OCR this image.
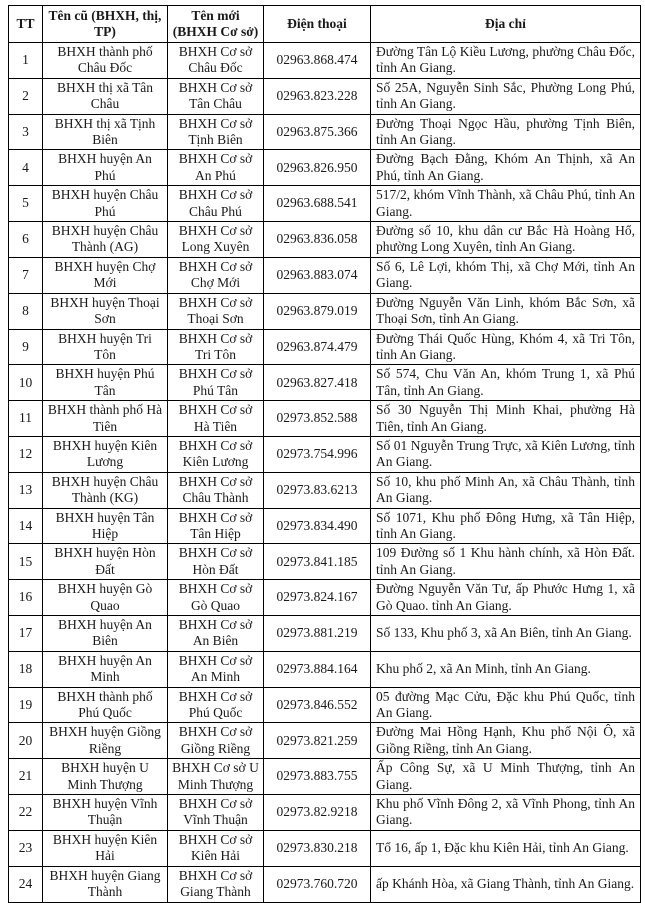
TT	Tên cũ (BHXH, thị, TP)	Tên mới (BHXH Cơ sở)	Điện thoại	Địa chỉ
1	BHXH thành phố Châu Đốc	BHXH Cơ sở Châu Đốc	02963.868.474	Đường Tân Lộ Kiều Lương, phường Châu Đốc, tỉnh An Giang.
2	BHXH thị xã Tân Châu	BHXH Cơ sở Tân Châu	02963.823.228	Số 25A, Nguyễn Sinh Sắc, Phường Long Phú, tỉnh An Giang.
3	BHXH thị xã Tịnh Biên	BHXH Cơ sở Tịnh Biên	02963.875.366	Đường Thoại Ngọc Hầu, phường Tịnh Biên, tỉnh An Giang.
4	BHXH huyện An Phú	BHXH Cơ sở An Phú	02963.826.950	Đường Bạch Đằng, Khóm An Thịnh, xã An Phú, tỉnh An Giang.
5	BHXH huyện Châu Phú	BHXH Cơ sở Châu Phú	02963.688.541	517/2, khóm Vĩnh Thành, xã Châu Phú, tỉnh An Giang.
6	BHXH huyện Châu Thành (AG)	BHXH Cơ sở Long Xuyên	02963.836.058	Đường số 10, khu dân cư Bắc Hà Hoàng Hổ, phường Long Xuyên, tỉnh An Giang.
7	BHXH huyện Chợ Mới	BHXH Cơ sở Chợ Mới	02963.883.074	Số 6, Lê Lợi, khóm Thị, xã Chợ Mới, tỉnh An Giang.
8	BHXH huyện Thoại Sơn	BHXH Cơ sở Thoại Sơn	02963.879.019	Đường Nguyễn Văn Linh, khóm Bắc Sơn, xã Thoại Sơn, tỉnh An Giang.
9	BHXH huyện Tri Tôn	BHXH Cơ sở Tri Tôn	02963.874.479	Đường Thái Quốc Hùng, Khóm 4, xã Tri Tôn, tỉnh An Giang.
10	BHXH huyện Phú Tân	BHXH Cơ sở Phú Tân	02963.827.418	Số 574, Chu Văn An, khóm Trung 1, xã Phú Tân, tỉnh An Giang.
11	BHXH thành phố Hà Tiên	BHXH Cơ sở Hà Tiên	02973.852.588	Số 30 Nguyễn Thị Minh Khai, phường Hà Tiên, tỉnh An Giang.
12	BHXH huyện Kiên Lương	BHXH Cơ sở Kiên Lương	02973.754.996	Số 01 Nguyễn Trung Trực, xã Kiên Lương, tỉnh An Giang.
13	BHXH huyện Châu Thành (KG)	BHXH Cơ sở Châu Thành	02973.83.6213	Số 10, khu phố Minh An, xã Châu Thành, tỉnh An Giang.
14	BHXH huyện Tân Hiệp	BHXH Cơ sở Tân Hiệp	02973.834.490	Số 1071, Khu phố Đông Hưng, xã Tân Hiệp, tỉnh An Giang.
15	BHXH huyện Hòn Đất	BHXH Cơ sở Hòn Đất	02973.841.185	109 Đường số 1 Khu hành chính, xã Hòn Đất. tỉnh An Giang.
16	BHXH huyện Gò Quao	BHXH Cơ sở Gò Quao	02973.824.167	Đường Nguyễn Văn Tư, ấp Phước Hưng 1, xã Gò Quao. tỉnh An Giang.
17	BHXH huyện An Biên	BHXH Cơ sở An Biên	02973.881.219	Số 133, Khu phố 3, xã An Biên, tỉnh An Giang.
18	BHXH huyện An Minh	BHXH Cơ sở An Minh	02973.884.164	Khu phố 2, xã An Minh, tỉnh An Giang.
19	BHXH thành phố Phú Quốc	BHXH Cơ sở Phú Quốc	02973.846.552	05 đường Mạc Cửu, Đặc khu Phú Quốc, tỉnh An Giang.
20	BHXH huyện Giồng Riềng	BHXH Cơ sở Giồng Riềng	02973.821.259	Đường Mai Hồng Hạnh, Khu phố Nội Ô, xã Giồng Riềng, tỉnh An Giang.
21	BHXH huyện U Minh Thượng	BHXH Cơ sở U Minh Thượng	02973.883.755	Ấp Công Sự, xã U Minh Thượng, tỉnh An Giang.
22	BHXH huyện Vĩnh Thuận	BHXH Cơ sở Vĩnh Thuận	02973.82.9218	Khu phố Vĩnh Đông 2, xã Vĩnh Phong, tỉnh An Giang.
23	BHXH huyện Kiên Hải	BHXH Cơ sở Kiên Hải	02973.830.218	Tổ 16, ấp 1, Đặc khu Kiên Hải, tỉnh An Giang.
24	BHXH huyện Giang Thành	BHXH Cơ sở Giang Thành	02973.760.720	ấp Khánh Hòa, xã Giang Thành, tỉnh An Giang.
